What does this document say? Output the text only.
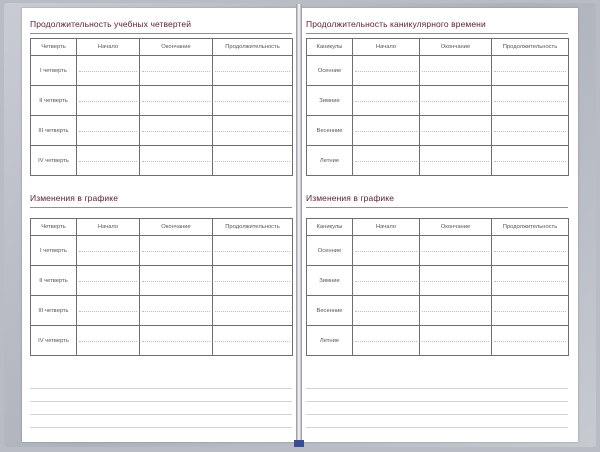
Продолжительность учебных четвертей
Четверть	Начало	Окончание	Продолжительность
I четверть			
II четверть			
III четверть			
IV четверть			
Изменения в графике
Четверть	Начало	Окончание	Продолжительность
I четверть			
II четверть			
III четверть			
IV четверть			
Продолжительность каникулярного времени
Каникулы	Начало	Окончание	Продолжительность
Осенние			
Зимние			
Весенние			
Летние			
Изменения в графике
Каникулы	Начало	Окончание	Продолжительность
Осенние			
Зимние			
Весенние			
Летние			
